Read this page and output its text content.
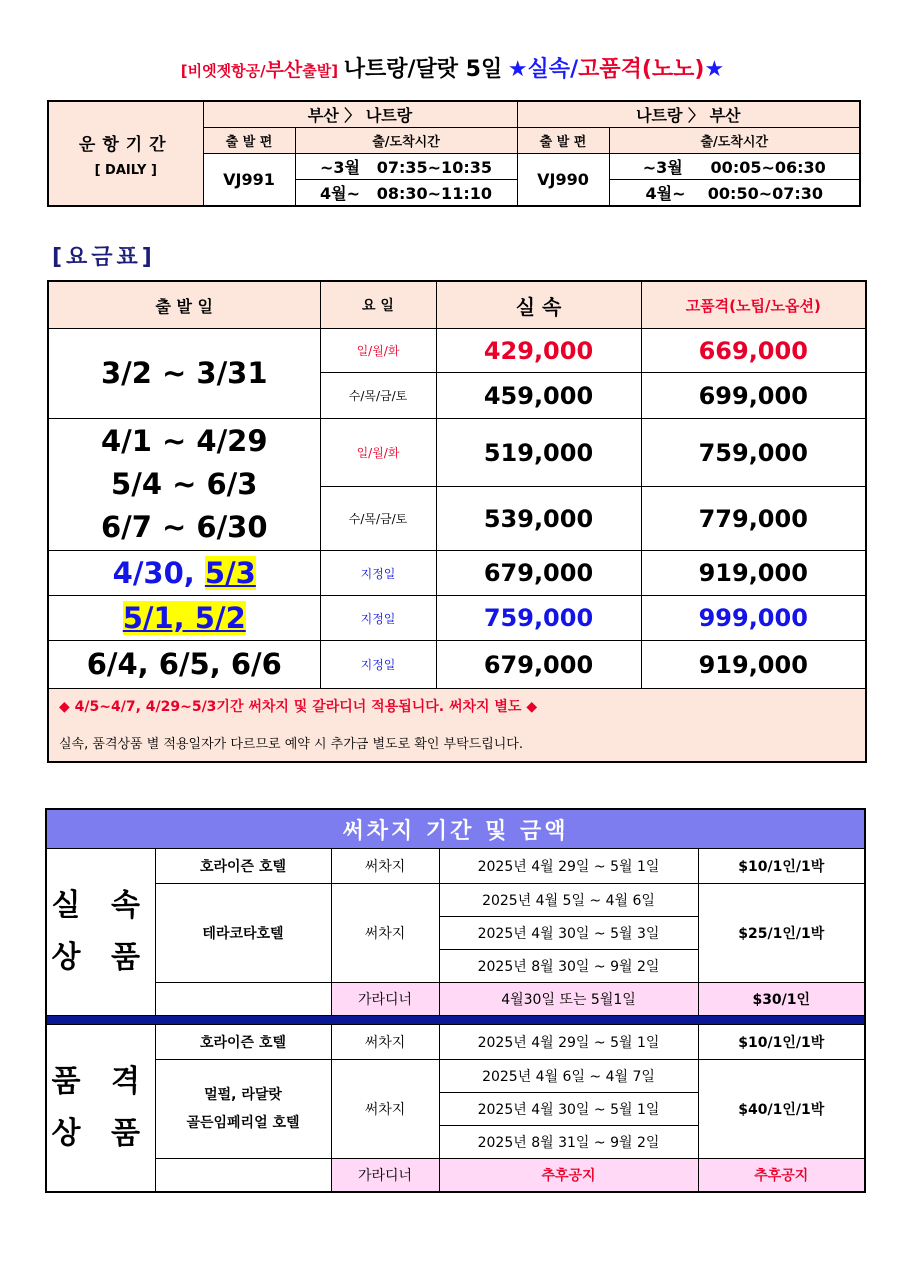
[비엣젯항공/부산출발] 나트랑/달랏 5일 ★실속/고품격(노노)★
운항기간
[ DAILY ]	부산 〉 나트랑		나트랑 〉 부산	
	출 발 편	출/도착시간	출 발 편	출/도착시간
	VJ991	~3월   07:35~10:35	VJ990	~3월     00:05~06:30
		4월~   08:30~11:10		4월~    00:50~07:30
[요금표]
출 발 일	요 일	실 속	고품격(노팁/노옵션)
3/2 ~ 3/31	일/월/화	429,000	669,000
	수/목/금/토	459,000	699,000

4/1 ~ 4/29
5/4 ~ 6/3
6/7 ~ 6/30	일/월/화	519,000	759,000
	수/목/금/토	539,000	779,000
4/30, 5/3	지정일	679,000	919,000
5/1, 5/2	지정일	759,000	999,000
6/4, 6/5, 6/6	지정일	679,000	919,000
◆ 4/5~4/7, 4/29~5/3기간 써차지 및 갈라디너 적용됩니다. 써차지 별도 ◆			
실속, 품격상품 별 적용일자가 다르므로 예약 시 추가금 별도로 확인 부탁드립니다.			
써차지 기간 및 금액				

실 속
상 품	호라이즌 호텔	써차지	2025년 4월 29일 ~ 5월 1일	$10/1인/1박
	테라코타호텔	써차지	2025년 4월 5일 ~ 4월 6일	$25/1인/1박
			2025년 4월 30일 ~ 5월 3일	
			2025년 8월 30일 ~ 9월 2일	
		가라디너	4월30일 또는 5월1일	$30/1인

품 격
상 품	호라이즌 호텔	써차지	2025년 4월 29일 ~ 5월 1일	$10/1인/1박

	멀펄, 라달랏
골든임페리얼 호텔	써차지	2025년 4월 6일 ~ 4월 7일	$40/1인/1박
			2025년 4월 30일 ~ 5월 1일	
			2025년 8월 31일 ~ 9월 2일	
		가라디너	추후공지	추후공지
